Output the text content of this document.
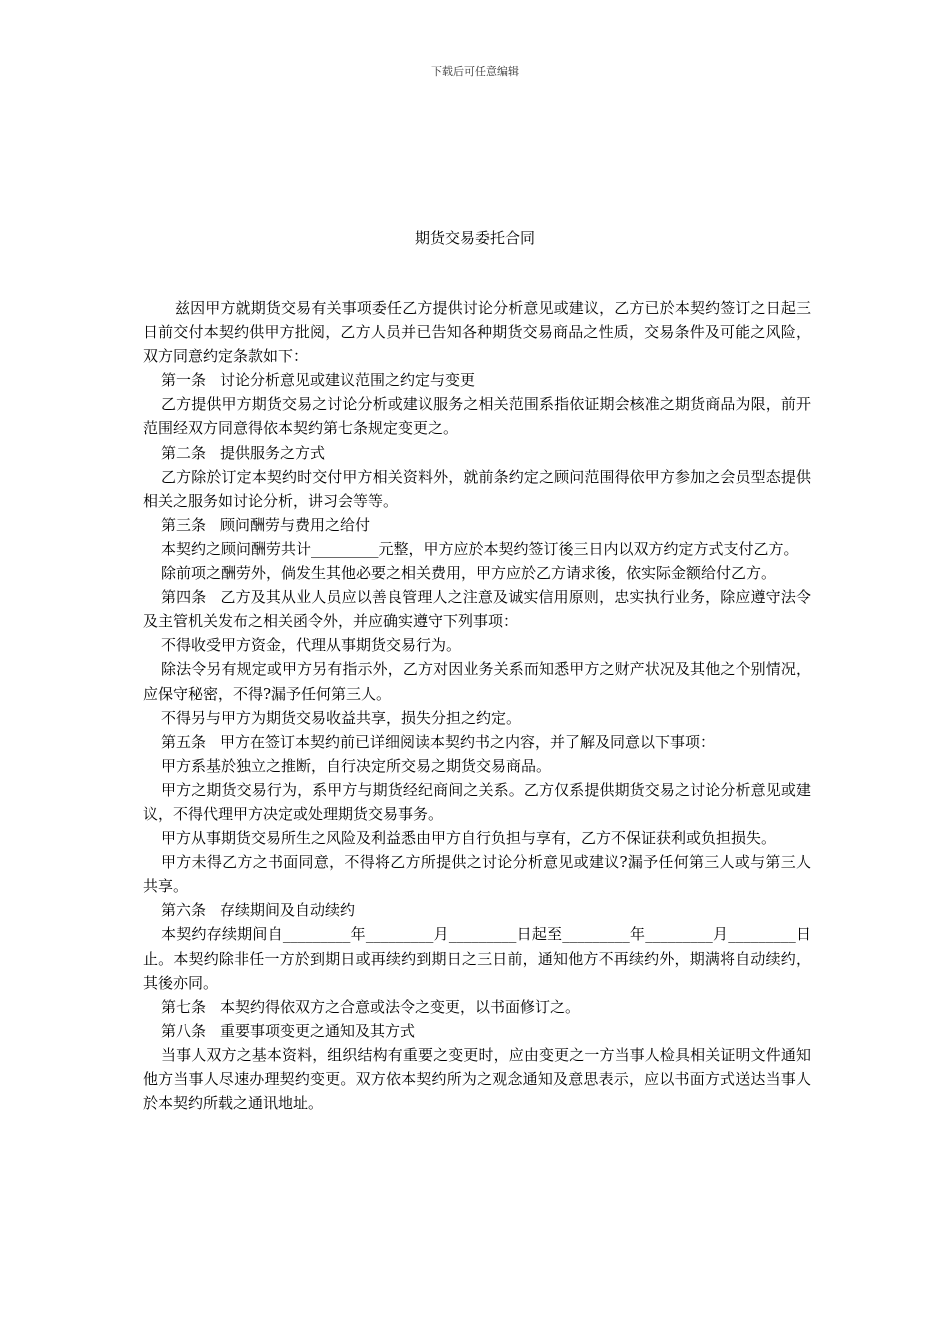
下载后可任意编辑
期货交易委托合同

兹因甲方就期货交易有关事项委任乙方提供讨论分析意见或建议，乙方已於本契约签订之日起三日前交付本契约供甲方批阅，乙方人员并已告知各种期货交易商品之性质，交易条件及可能之风险，双方同意约定条款如下：

第一条 讨论分析意见或建议范围之约定与变更

乙方提供甲方期货交易之讨论分析或建议服务之相关范围系指依证期会核准之期货商品为限，前开范围经双方同意得依本契约第七条规定变更之。

第二条 提供服务之方式

乙方除於订定本契约时交付甲方相关资料外，就前条约定之顾问范围得依甲方参加之会员型态提供相关之服务如讨论分析，讲习会等等。

第三条 顾问酬劳与费用之给付

本契约之顾问酬劳共计_________元整，甲方应於本契约签订後三日内以双方约定方式支付乙方。

除前项之酬劳外，倘发生其他必要之相关费用，甲方应於乙方请求後，依实际金额给付乙方。

第四条 乙方及其从业人员应以善良管理人之注意及诚实信用原则，忠实执行业务，除应遵守法令及主管机关发布之相关函令外，并应确实遵守下列事项：

不得收受甲方资金，代理从事期货交易行为。

除法令另有规定或甲方另有指示外，乙方对因业务关系而知悉甲方之财产状况及其他之个别情况，应保守秘密，不得?漏予任何第三人。

不得另与甲方为期货交易收益共享，损失分担之约定。

第五条 甲方在签订本契约前已详细阅读本契约书之内容，并了解及同意以下事项：

甲方系基於独立之推断，自行决定所交易之期货交易商品。

甲方之期货交易行为，系甲方与期货经纪商间之关系。乙方仅系提供期货交易之讨论分析意见或建议，不得代理甲方决定或处理期货交易事务。

甲方从事期货交易所生之风险及利益悉由甲方自行负担与享有，乙方不保证获利或负担损失。

甲方未得乙方之书面同意，不得将乙方所提供之讨论分析意见或建议?漏予任何第三人或与第三人共享。

第六条 存续期间及自动续约

本契约存续期间自_________年_________月_________日起至_________年_________月_________日止。本契约除非任一方於到期日或再续约到期日之三日前，通知他方不再续约外，期满将自动续约，其後亦同。

第七条 本契约得依双方之合意或法令之变更，以书面修订之。

第八条 重要事项变更之通知及其方式

当事人双方之基本资料，组织结构有重要之变更时，应由变更之一方当事人检具相关证明文件通知他方当事人尽速办理契约变更。双方依本契约所为之观念通知及意思表示，应以书面方式送达当事人於本契约所载之通讯地址。
